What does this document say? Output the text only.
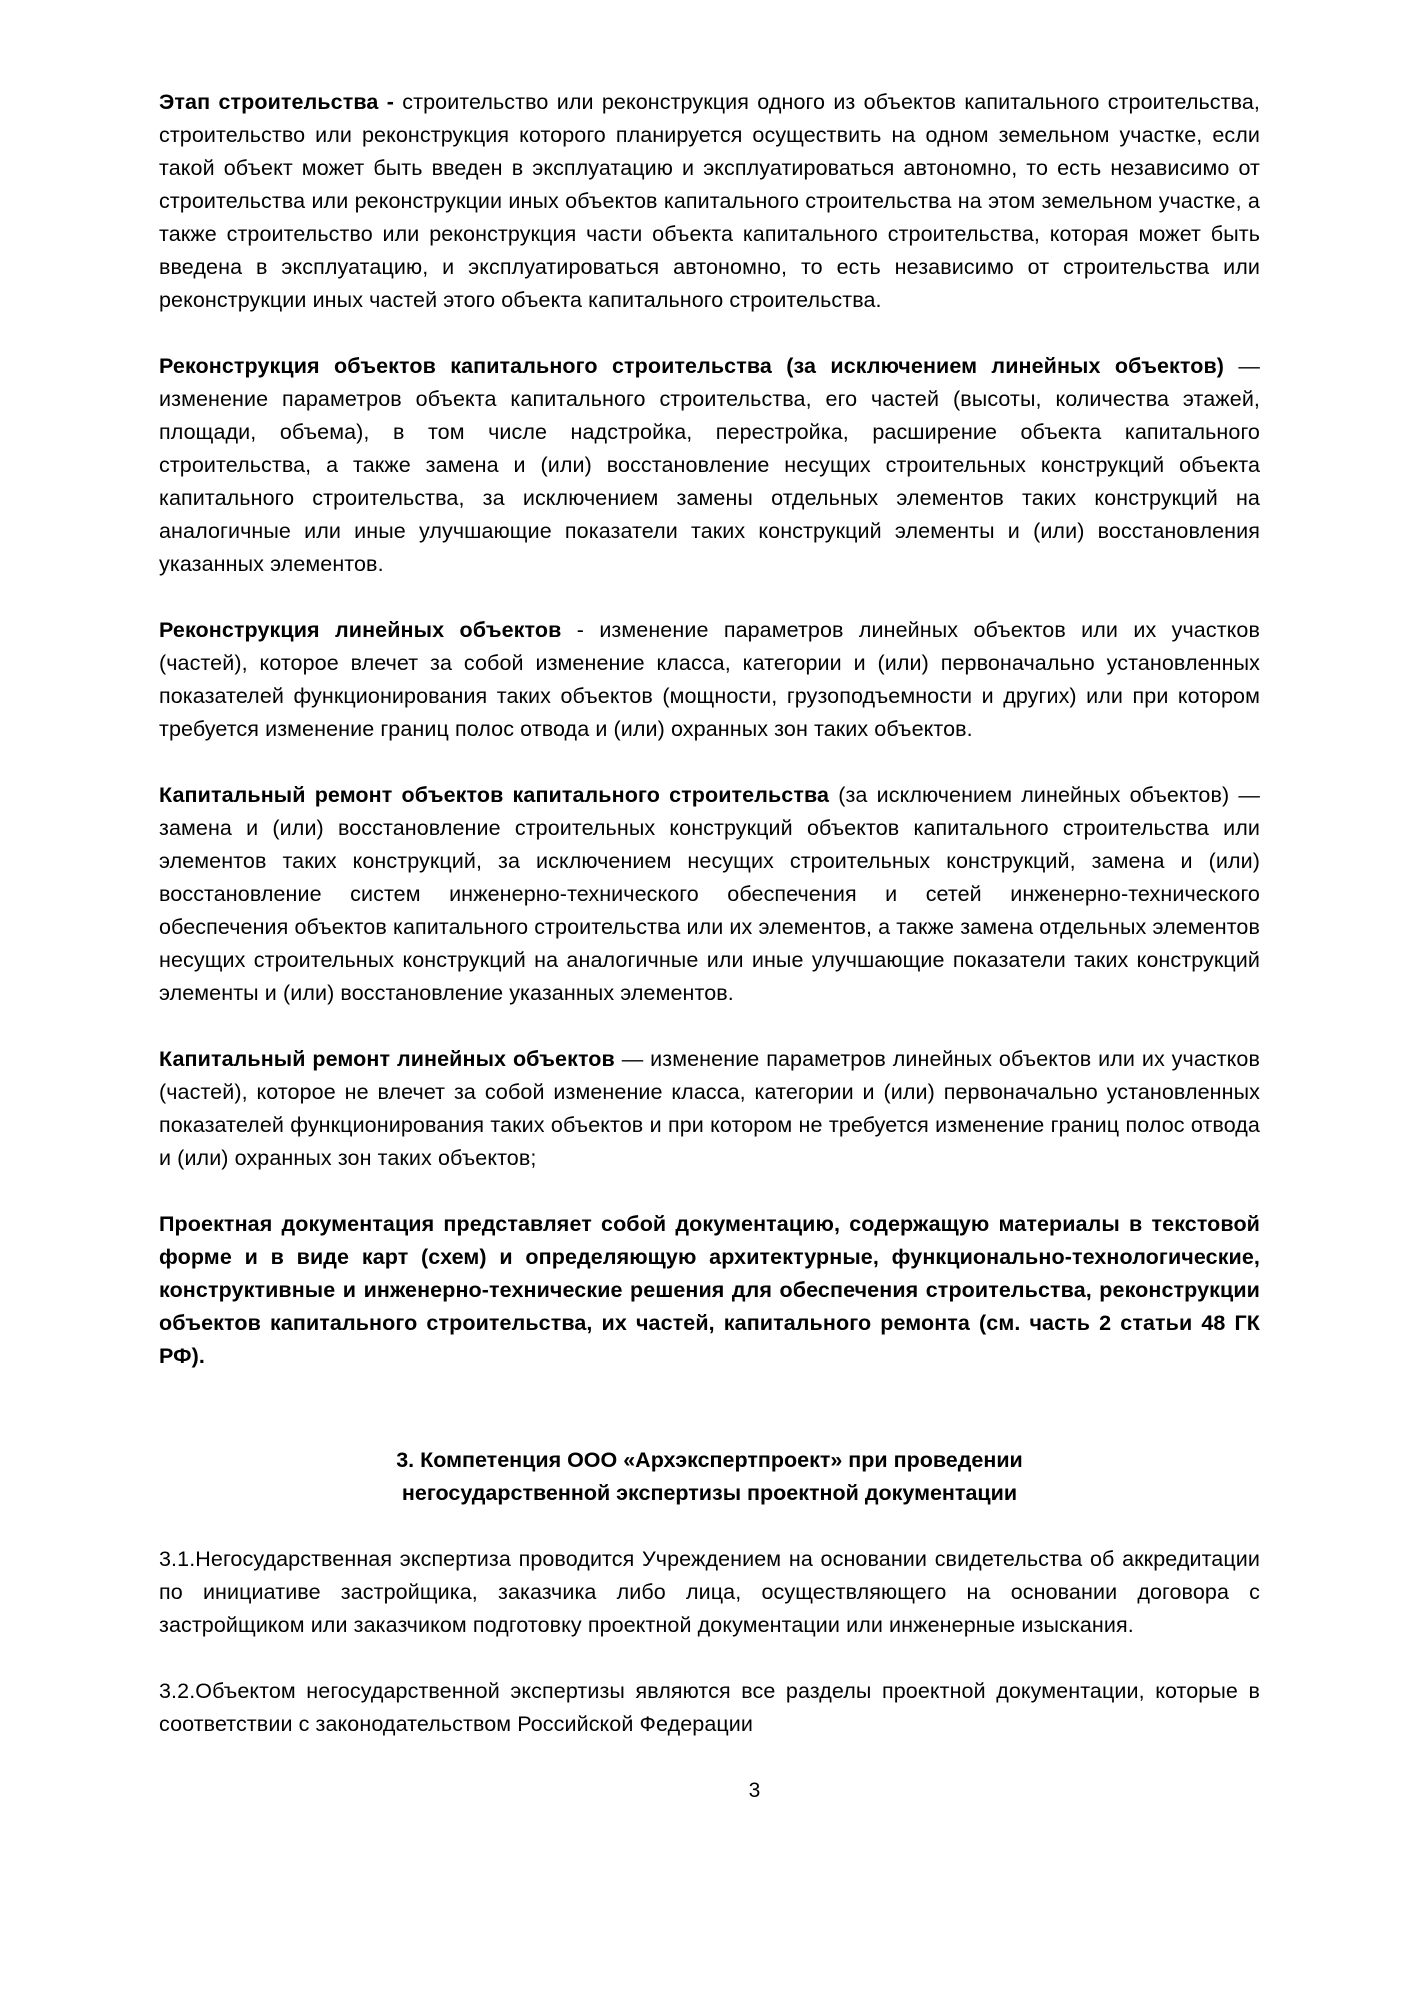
Этап строительства - строительство или реконструкция одного из объектов капитального строительства, строительство или реконструкция которого планируется осуществить на одном земельном участке, если такой объект может быть введен в эксплуатацию и эксплуатироваться автономно, то есть независимо от строительства или реконструкции иных объектов капитального строительства на этом земельном участке, а также строительство или реконструкция части объекта капитального строительства, которая может быть введена в эксплуатацию, и эксплуатироваться автономно, то есть независимо от строительства или реконструкции иных частей этого объекта капитального строительства.

Реконструкция объектов капитального строительства (за исключением линейных объектов) — изменение параметров объекта капитального строительства, его частей (высоты, количества этажей, площади, объема), в том числе надстройка, перестройка, расширение объекта капитального строительства, а также замена и (или) восстановление несущих строительных конструкций объекта капитального строительства, за исключением замены отдельных элементов таких конструкций на аналогичные или иные улучшающие показатели таких конструкций элементы и (или) восстановления указанных элементов.

Реконструкция линейных объектов - изменение параметров линейных объектов или их участков (частей), которое влечет за собой изменение класса, категории и (или) первоначально установленных показателей функционирования таких объектов (мощности, грузоподъемности и других) или при котором требуется изменение границ полос отвода и (или) охранных зон таких объектов.

Капитальный ремонт объектов капитального строительства (за исключением линейных объектов) — замена и (или) восстановление строительных конструкций объектов капитального строительства или элементов таких конструкций, за исключением несущих строительных конструкций, замена и (или) восстановление систем инженерно-технического обеспечения и сетей инженерно-технического обеспечения объектов капитального строительства или их элементов, а также замена отдельных элементов несущих строительных конструкций на аналогичные или иные улучшающие показатели таких конструкций элементы и (или) восстановление указанных элементов.

Капитальный ремонт линейных объектов — изменение параметров линейных объектов или их участков (частей), которое не влечет за собой изменение класса, категории и (или) первоначально установленных показателей функционирования таких объектов и при котором не требуется изменение границ полос отвода и (или) охранных зон таких объектов;

Проектная документация представляет собой документацию, содержащую материалы в текстовой форме и в виде карт (схем) и определяющую архитектурные, функционально-технологические, конструктивные и инженерно-технические решения для обеспечения строительства, реконструкции объектов капитального строительства, их частей, капитального ремонта (см. часть 2 статьи 48 ГК РФ).

3. Компетенция ООО «Архэкспертпроект» при проведении негосударственной экспертизы проектной документации

3.1.Негосударственная экспертиза проводится Учреждением на основании свидетельства об аккредитации по инициативе застройщика, заказчика либо лица, осуществляющего на основании договора с застройщиком или заказчиком подготовку проектной документации или инженерные изыскания.

3.2.Объектом негосударственной экспертизы являются все разделы проектной документации, которые в соответствии с законодательством Российской Федерации

3
